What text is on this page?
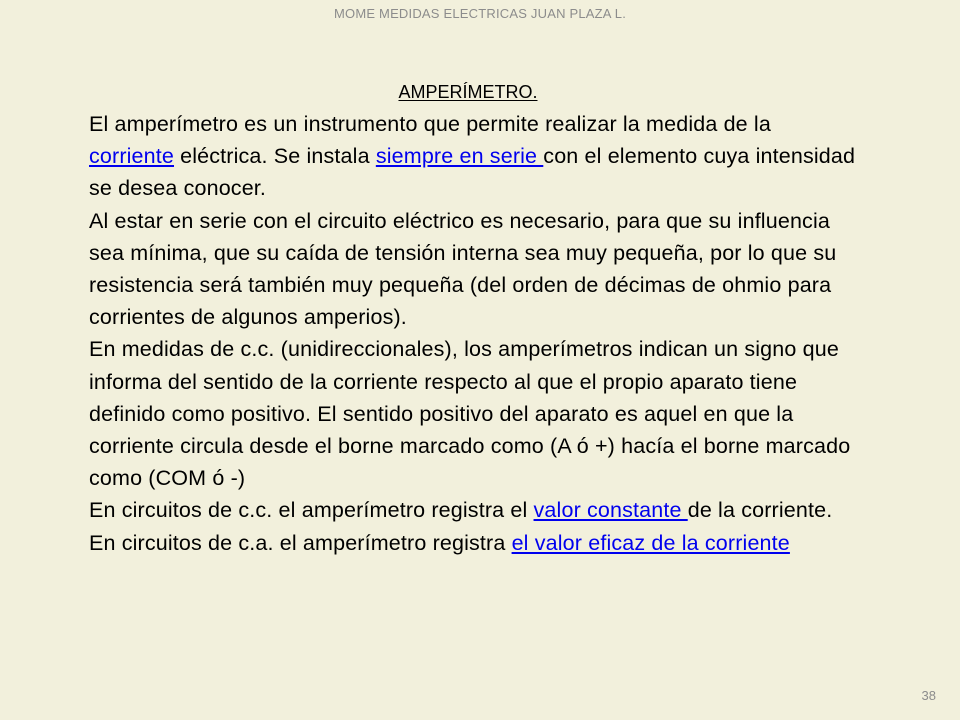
MOME MEDIDAS ELECTRICAS JUAN PLAZA L.
AMPERÍMETRO.

El amperímetro es un instrumento que permite realizar la medida de la corriente eléctrica. Se instala siempre en serie con el elemento cuya intensidad se desea conocer.

Al estar en serie con el circuito eléctrico es necesario, para que su influencia sea mínima, que su caída de tensión interna sea muy pequeña, por lo que su resistencia será también muy pequeña (del orden de décimas de ohmio para corrientes de algunos amperios).

En medidas de c.c. (unidireccionales), los amperímetros indican un signo que informa del sentido de la corriente respecto al que el propio aparato tiene definido como positivo. El sentido positivo del aparato es aquel en que la corriente circula desde el borne marcado como (A ó +) hacía el borne marcado como (COM ó -)

En circuitos de c.c. el amperímetro registra el valor constante de la corriente. En circuitos de c.a. el amperímetro registra el valor eficaz de la corriente

38
